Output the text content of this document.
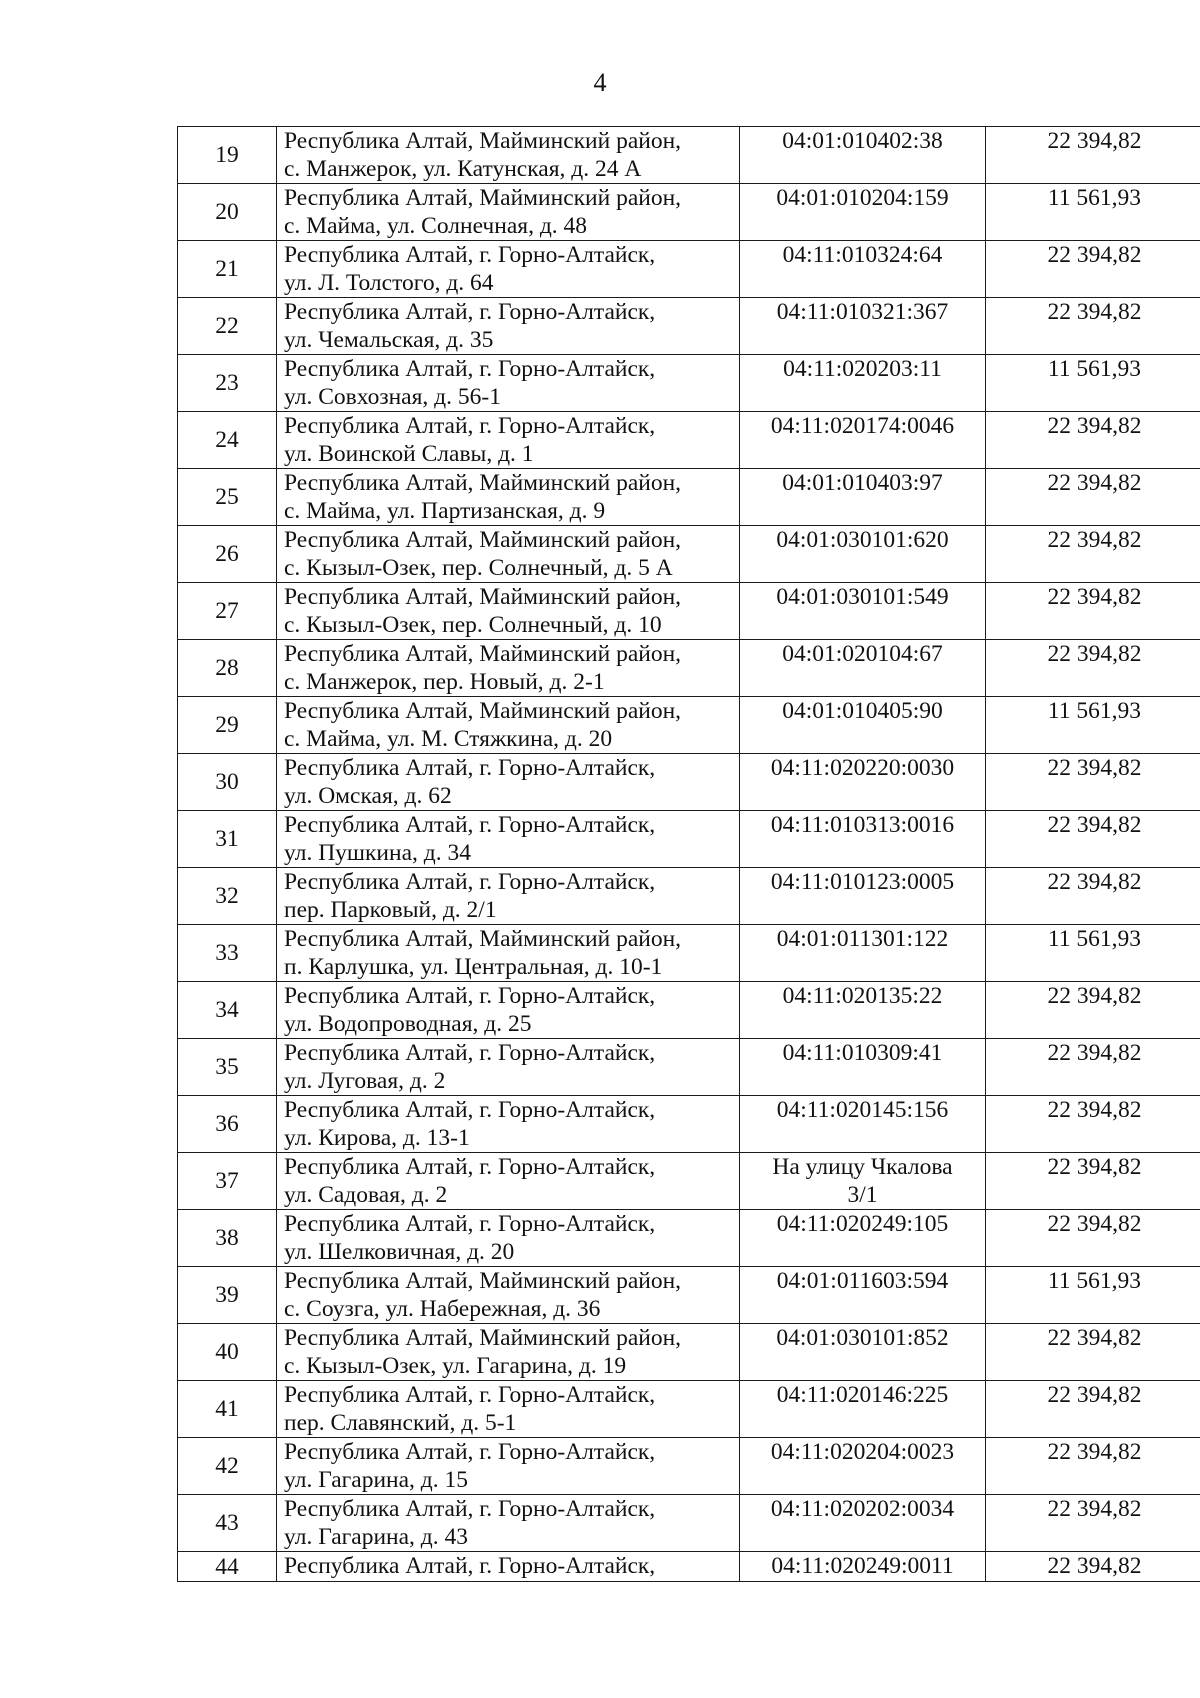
4
19	Республика Алтай, Майминский район,
с. Манжерок, ул. Катунская, д. 24 А	04:01:010402:38	22 394,82
20	Республика Алтай, Майминский район,
с. Майма, ул. Солнечная, д. 48	04:01:010204:159	11 561,93
21	Республика Алтай, г. Горно-Алтайск,
ул. Л. Толстого, д. 64	04:11:010324:64	22 394,82
22	Республика Алтай, г. Горно-Алтайск,
ул. Чемальская, д. 35	04:11:010321:367	22 394,82
23	Республика Алтай, г. Горно-Алтайск,
ул. Совхозная, д. 56-1	04:11:020203:11	11 561,93
24	Республика Алтай, г. Горно-Алтайск,
ул. Воинской Славы, д. 1	04:11:020174:0046	22 394,82
25	Республика Алтай, Майминский район,
с. Майма, ул. Партизанская, д. 9	04:01:010403:97	22 394,82
26	Республика Алтай, Майминский район,
с. Кызыл-Озек, пер. Солнечный, д. 5 А	04:01:030101:620	22 394,82
27	Республика Алтай, Майминский район,
с. Кызыл-Озек, пер. Солнечный, д. 10	04:01:030101:549	22 394,82
28	Республика Алтай, Майминский район,
с. Манжерок, пер. Новый, д. 2-1	04:01:020104:67	22 394,82
29	Республика Алтай, Майминский район,
с. Майма, ул. М. Стяжкина, д. 20	04:01:010405:90	11 561,93
30	Республика Алтай, г. Горно-Алтайск,
ул. Омская, д. 62	04:11:020220:0030	22 394,82
31	Республика Алтай, г. Горно-Алтайск,
ул. Пушкина, д. 34	04:11:010313:0016	22 394,82
32	Республика Алтай, г. Горно-Алтайск,
пер. Парковый, д. 2/1	04:11:010123:0005	22 394,82
33	Республика Алтай, Майминский район,
п. Карлушка, ул. Центральная, д. 10-1	04:01:011301:122	11 561,93
34	Республика Алтай, г. Горно-Алтайск,
ул. Водопроводная, д. 25	04:11:020135:22	22 394,82
35	Республика Алтай, г. Горно-Алтайск,
ул. Луговая, д. 2	04:11:010309:41	22 394,82
36	Республика Алтай, г. Горно-Алтайск,
ул. Кирова, д. 13-1	04:11:020145:156	22 394,82
37	Республика Алтай, г. Горно-Алтайск,
ул. Садовая, д. 2	На улицу Чкалова
3/1	22 394,82
38	Республика Алтай, г. Горно-Алтайск,
ул. Шелковичная, д. 20	04:11:020249:105	22 394,82
39	Республика Алтай, Майминский район,
с. Соузга, ул. Набережная, д. 36	04:01:011603:594	11 561,93
40	Республика Алтай, Майминский район,
с. Кызыл-Озек, ул. Гагарина, д. 19	04:01:030101:852	22 394,82
41	Республика Алтай, г. Горно-Алтайск,
пер. Славянский, д. 5-1	04:11:020146:225	22 394,82
42	Республика Алтай, г. Горно-Алтайск,
ул. Гагарина, д. 15	04:11:020204:0023	22 394,82
43	Республика Алтай, г. Горно-Алтайск,
ул. Гагарина, д. 43	04:11:020202:0034	22 394,82
44	Республика Алтай, г. Горно-Алтайск,	04:11:020249:0011	22 394,82
